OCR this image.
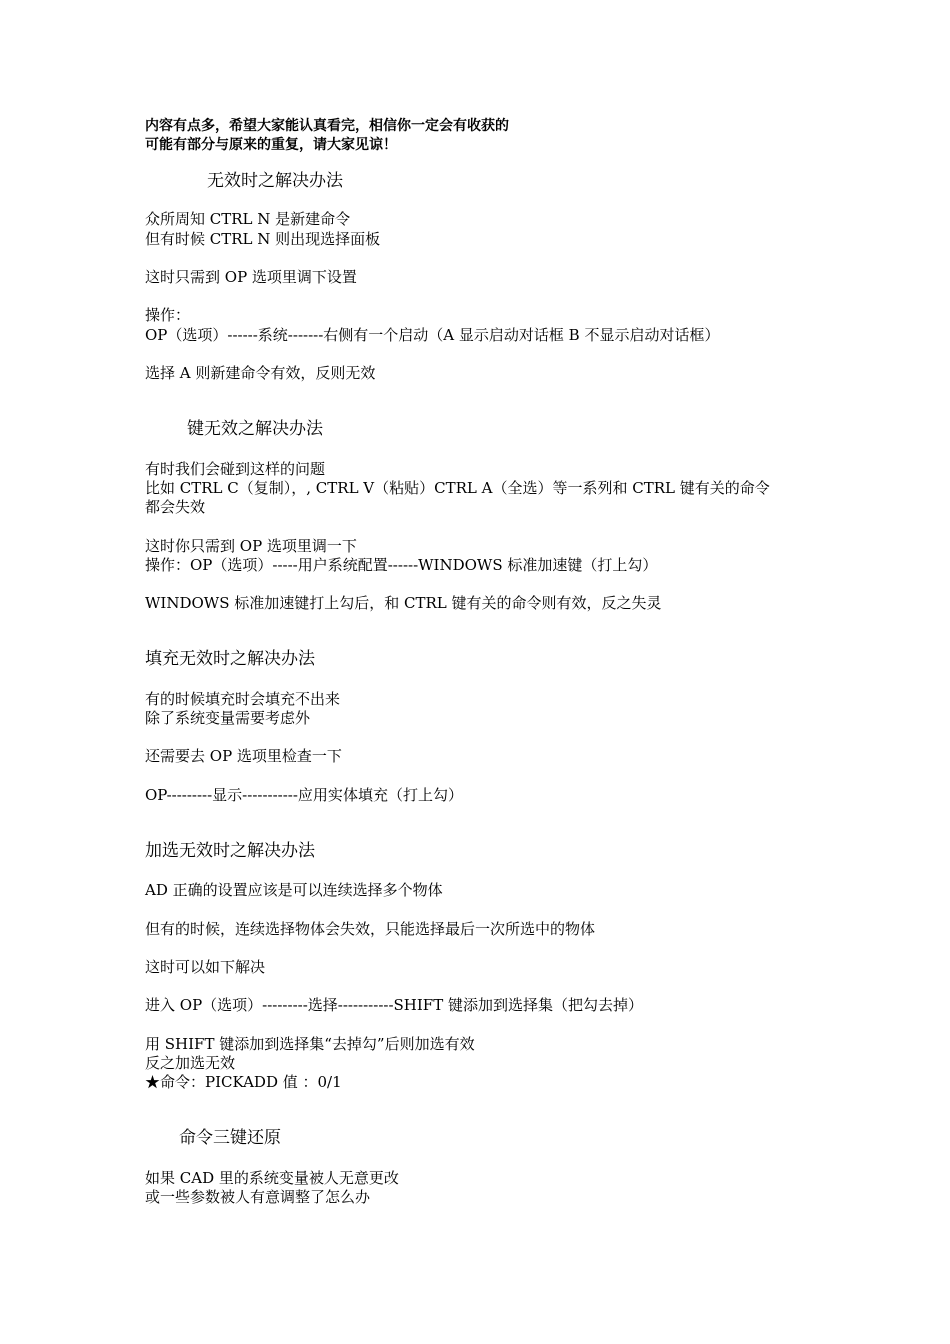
内容有点多，希望大家能认真看完，相信你一定会有收获的
可能有部分与原来的重复，请大家见谅！
无效时之解决办法
众所周知 CTRL N 是新建命令
但有时候 CTRL N 则出现选择面板
这时只需到 OP 选项里调下设置
操作：
OP（选项）------系统-------右侧有一个启动（A 显示启动对话框 B 不显示启动对话框）
选择 A 则新建命令有效，反则无效
键无效之解决办法
有时我们会碰到这样的问题
比如 CTRL C（复制），, CTRL V（粘贴）CTRL A（全选）等一系列和 CTRL 键有关的命令
都会失效
这时你只需到 OP 选项里调一下
操作：OP（选项）-----用户系统配置------WINDOWS 标准加速键（打上勾）
WINDOWS 标准加速键打上勾后，和 CTRL 键有关的命令则有效，反之失灵
填充无效时之解决办法
有的时候填充时会填充不出来
除了系统变量需要考虑外
还需要去 OP 选项里检查一下
OP---------显示-----------应用实体填充（打上勾）
加选无效时之解决办法
AD 正确的设置应该是可以连续选择多个物体
但有的时候，连续选择物体会失效，只能选择最后一次所选中的物体
这时可以如下解决
进入 OP（选项）---------选择-----------SHIFT 键添加到选择集（把勾去掉）
用 SHIFT 键添加到选择集“去掉勾”后则加选有效
反之加选无效
★命令：PICKADD 值 ：0/1
命令三键还原
如果 CAD 里的系统变量被人无意更改
或一些参数被人有意调整了怎么办
